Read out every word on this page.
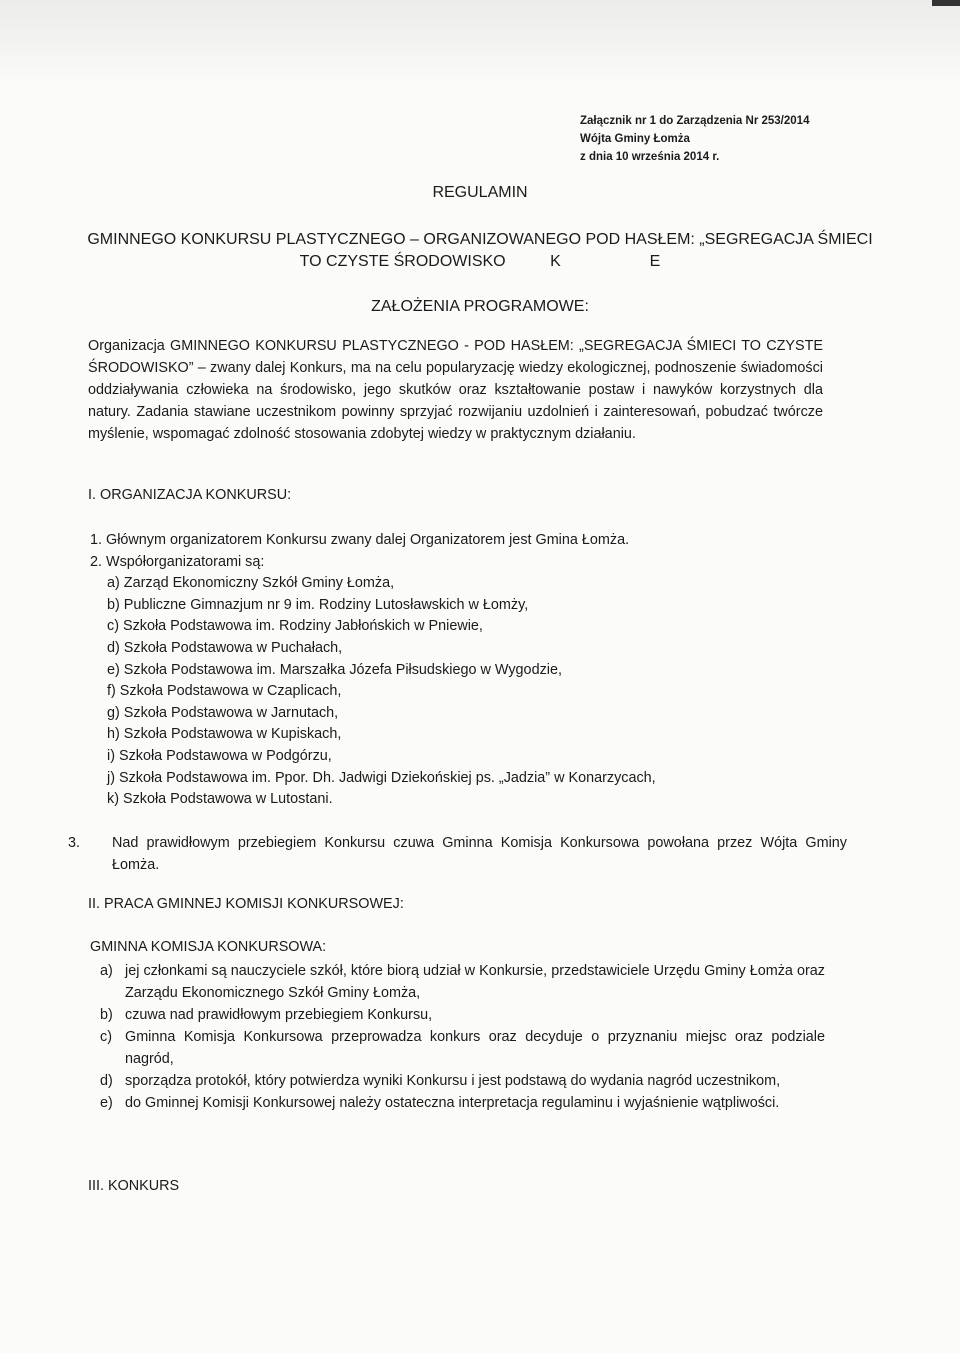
Załącznik nr 1 do Zarządzenia Nr 253/2014
Wójta Gminy Łomża
z dnia 10 września 2014 r.
REGULAMIN
GMINNEGO KONKURSU PLASTYCZNEGO – ORGANIZOWANEGO POD HASŁEM: „SEGREGACJA ŚMIECI
TO CZYSTE ŚRODOWISKO          K                    E
ZAŁOŻENIA PROGRAMOWE:
Organizacja GMINNEGO KONKURSU PLASTYCZNEGO - POD HASŁEM: „SEGREGACJA ŚMIECI TO CZYSTE ŚRODOWISKO” – zwany dalej Konkurs, ma na celu popularyzację wiedzy ekologicznej, podnoszenie świadomości oddziaływania człowieka na środowisko, jego skutków oraz kształtowanie postaw i nawyków korzystnych dla natury. Zadania stawiane uczestnikom powinny sprzyjać rozwijaniu uzdolnień i zainteresowań, pobudzać twórcze myślenie, wspomagać zdolność stosowania zdobytej wiedzy w praktycznym działaniu.
I. ORGANIZACJA KONKURSU:
1. Głównym organizatorem Konkursu zwany dalej Organizatorem jest Gmina Łomża.
2. Współorganizatorami są:
a) Zarząd Ekonomiczny Szkół Gminy Łomża,
b) Publiczne Gimnazjum nr 9 im. Rodziny Lutosławskich w Łomży,
c) Szkoła Podstawowa im. Rodziny Jabłońskich w Pniewie,
d) Szkoła Podstawowa w Puchałach,
e) Szkoła Podstawowa im. Marszałka Józefa Piłsudskiego w Wygodzie,
f) Szkoła Podstawowa w Czaplicach,
g) Szkoła Podstawowa w Jarnutach,
h) Szkoła Podstawowa w Kupiskach,
i) Szkoła Podstawowa w Podgórzu,
j) Szkoła Podstawowa im. Ppor. Dh. Jadwigi Dziekońskiej ps. „Jadzia” w Konarzycach,
k) Szkoła Podstawowa w Lutostani.
3. Nad prawidłowym przebiegiem Konkursu czuwa Gminna Komisja Konkursowa powołana przez Wójta Gminy Łomża.
II. PRACA GMINNEJ KOMISJI KONKURSOWEJ:
GMINNA KOMISJA KONKURSOWA:
a) jej członkami są nauczyciele szkół, które biorą udział w Konkursie, przedstawiciele Urzędu Gminy Łomża oraz Zarządu Ekonomicznego Szkół Gminy Łomża,
b) czuwa nad prawidłowym przebiegiem Konkursu,
c) Gminna Komisja Konkursowa przeprowadza konkurs oraz decyduje o przyznaniu miejsc oraz podziale nagród,
d) sporządza protokół, który potwierdza wyniki Konkursu i jest podstawą do wydania nagród uczestnikom,
e) do Gminnej Komisji Konkursowej należy ostateczna interpretacja regulaminu i wyjaśnienie wątpliwości.
III. KONKURS
